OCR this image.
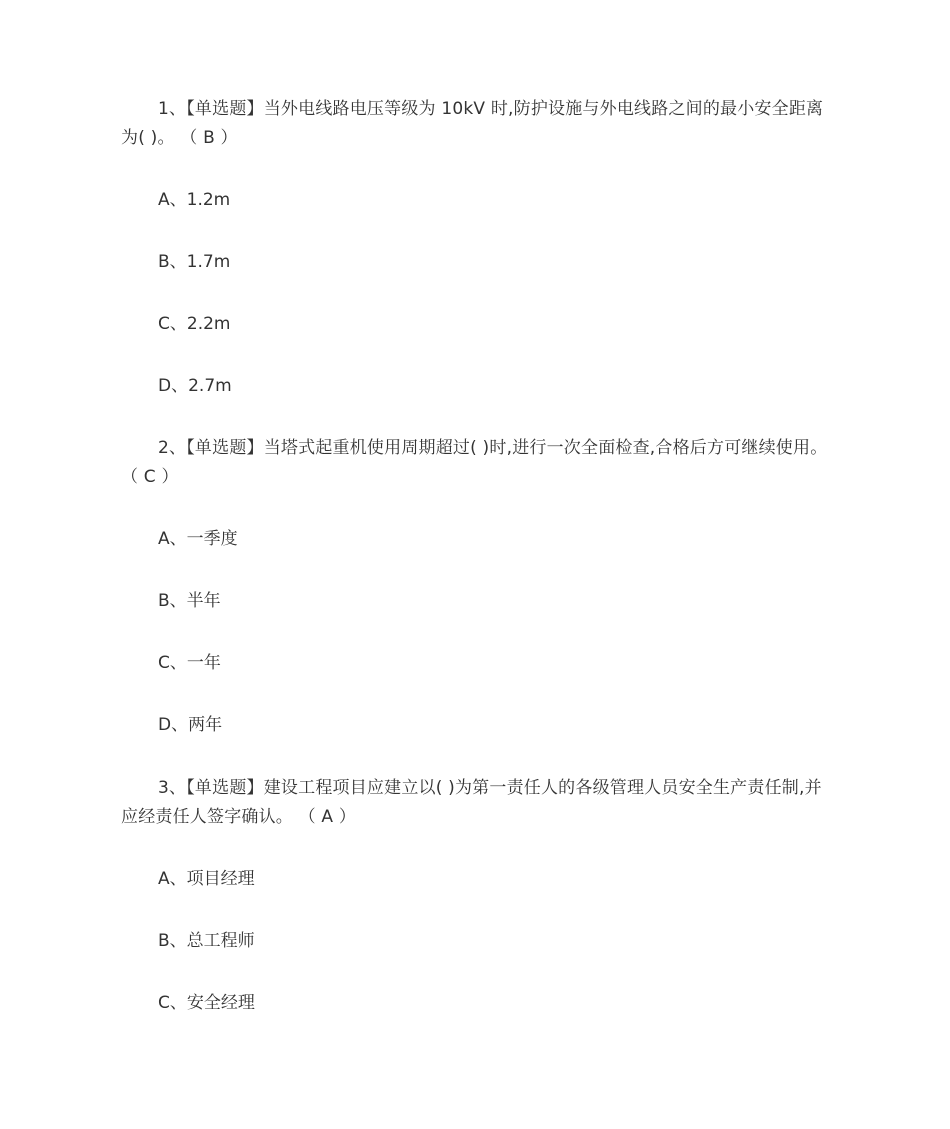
1、【单选题】当外电线路电压等级为 10kV 时,防护设施与外电线路之间的最小安全距离为( )。 （ B ）

A、1.2m

B、1.7m

C、2.2m

D、2.7m

2、【单选题】当塔式起重机使用周期超过( )时,进行一次全面检查,合格后方可继续使用。 （ C ）

A、一季度

B、半年

C、一年

D、两年

3、【单选题】建设工程项目应建立以( )为第一责任人的各级管理人员安全生产责任制,并应经责任人签字确认。 （ A ）

A、项目经理

B、总工程师

C、安全经理
